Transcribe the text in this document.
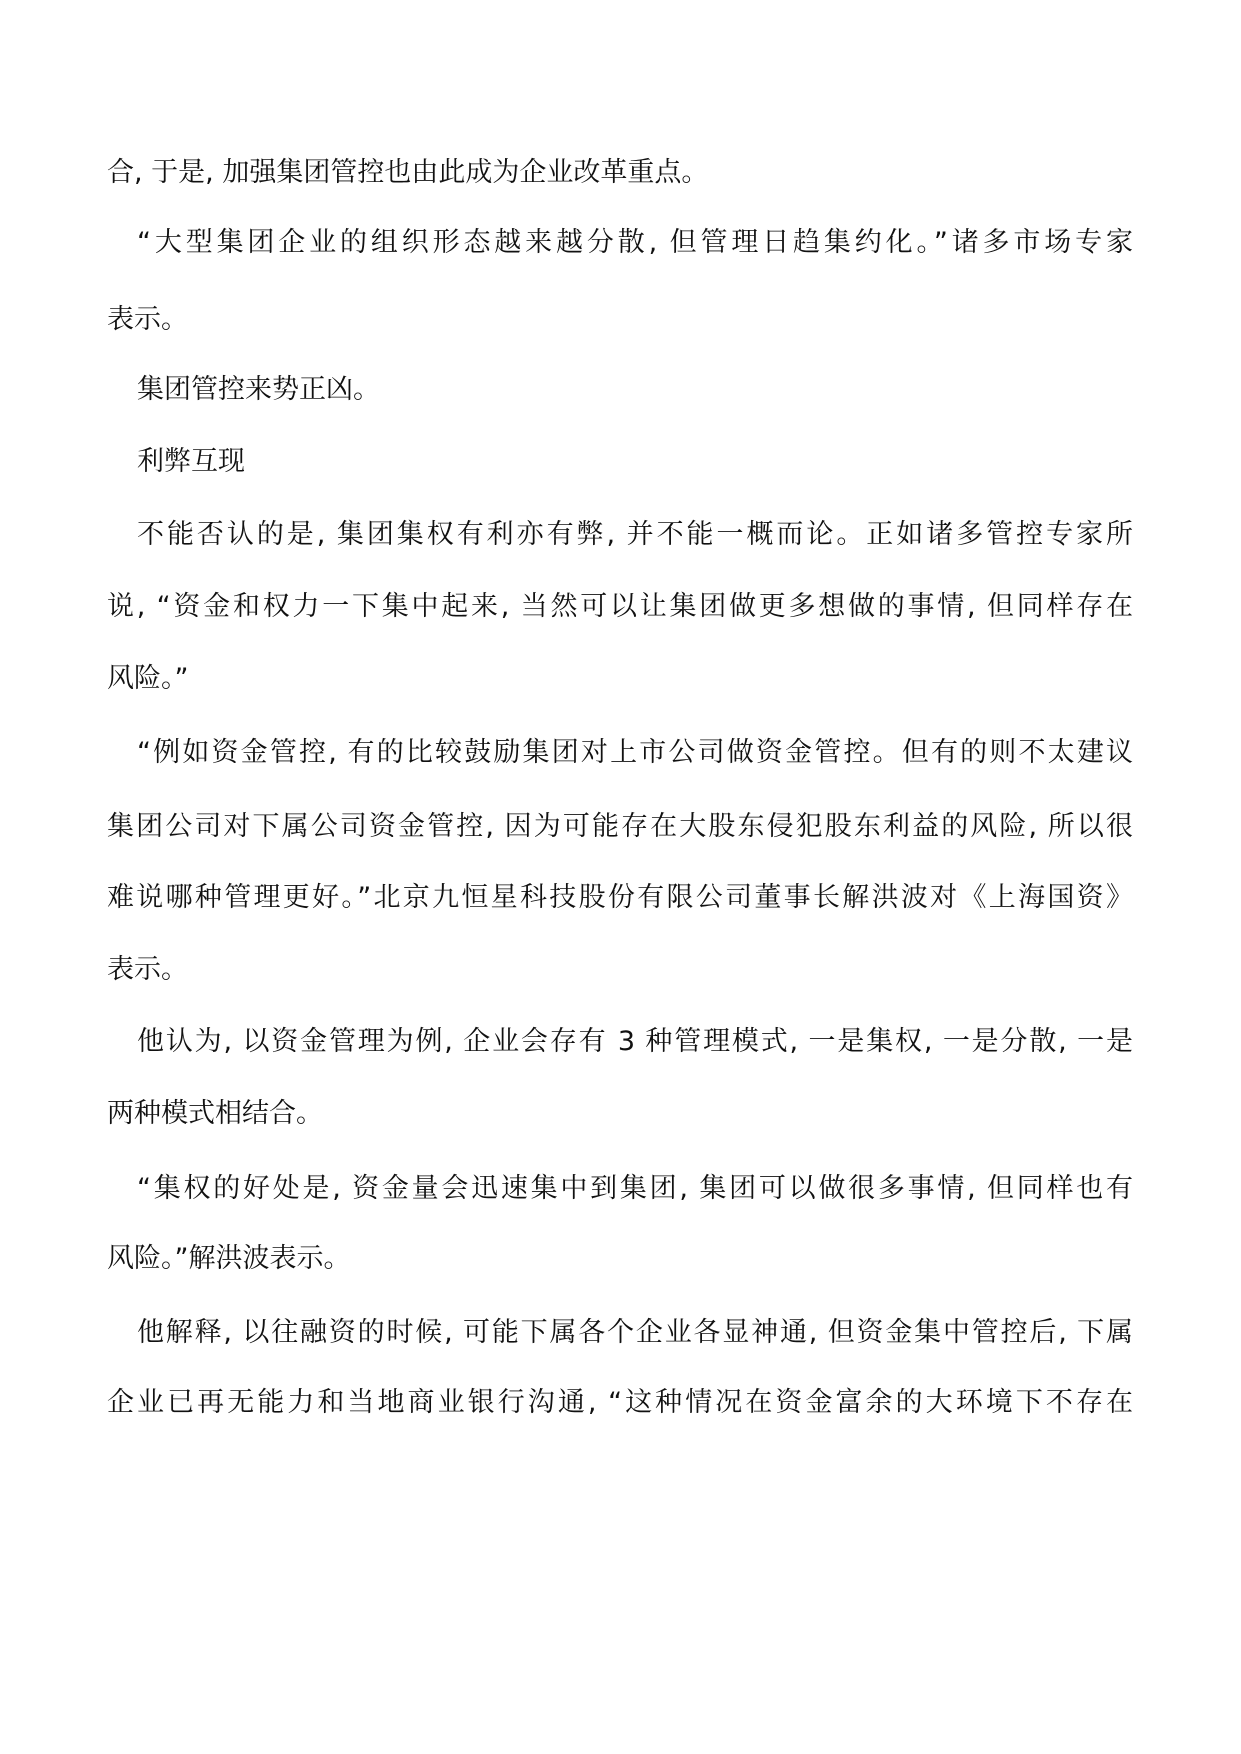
合, 于是, 加强集团管控也由此成为企业改革重点。

“大型集团企业的组织形态越来越分散, 但管理日趋集约化。”诸多市场专家

表示。

集团管控来势正凶。

利弊互现

不能否认的是, 集团集权有利亦有弊, 并不能一概而论。正如诸多管控专家所

说, “资金和权力一下集中起来, 当然可以让集团做更多想做的事情, 但同样存在

风险。”

“例如资金管控, 有的比较鼓励集团对上市公司做资金管控。但有的则不太建议

集团公司对下属公司资金管控, 因为可能存在大股东侵犯股东利益的风险, 所以很

难说哪种管理更好。”北京九恒星科技股份有限公司董事长解洪波对《上海国资》

表示。

他认为, 以资金管理为例, 企业会存有 3 种管理模式, 一是集权, 一是分散, 一是

两种模式相结合。

“集权的好处是, 资金量会迅速集中到集团, 集团可以做很多事情, 但同样也有

风险。”解洪波表示。

他解释, 以往融资的时候, 可能下属各个企业各显神通, 但资金集中管控后, 下属

企业已再无能力和当地商业银行沟通, “这种情况在资金富余的大环境下不存在
